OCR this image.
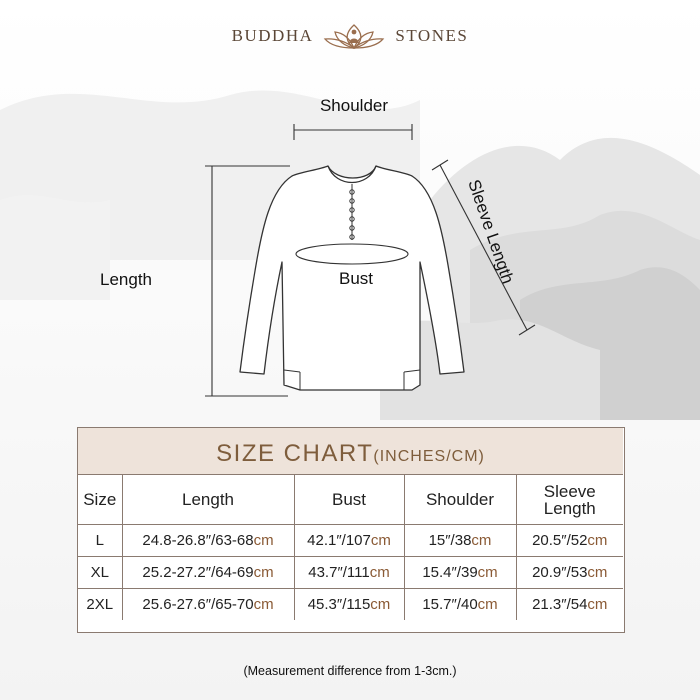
BUDDHA	STONES
Shoulder
Length	Sleeve Length
Bust
SIZE CHART (INCHES/CM)
Size	Length	Bust	Shoulder	Sleeve
Length
L	24.8-26.8″/63-68cm	42.1″/107cm	15″/38cm	20.5″/52cm
XL	25.2-27.2″/64-69cm	43.7″/111cm	15.4″/39cm	20.9″/53cm
2XL	25.6-27.6″/65-70cm	45.3″/115cm	15.7″/40cm	21.3″/54cm
(Measurement difference from 1-3cm.)
